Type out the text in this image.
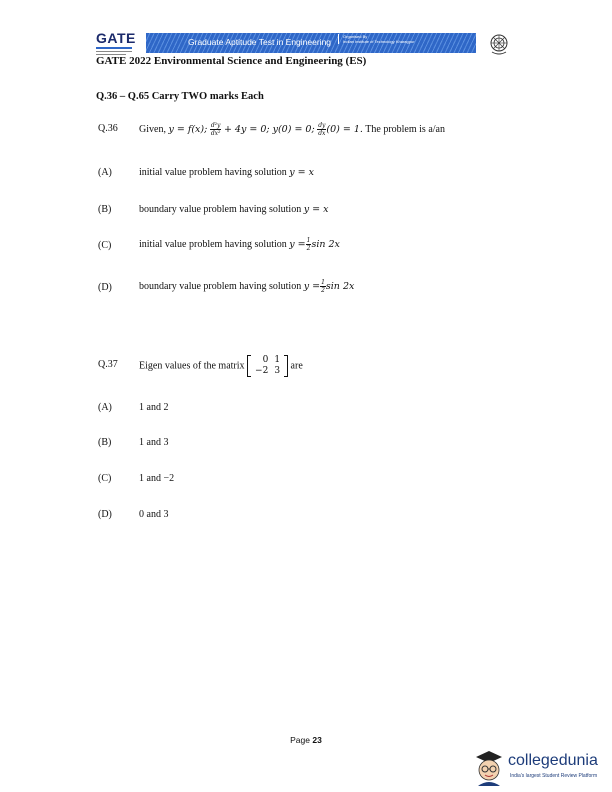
GATE	Graduate Aptitude Test in Engineering
Organised By
Indian Institute of Technology Kharagpur
GATE 2022 Environmental Science and Engineering (ES)
Q.36 – Q.65 Carry TWO marks Each
Q.36 Given, y = f(x); $\frac{\text{d²y}}{\text{dx²}} + 4y = 0$; y(0) = 0; $\frac{dy}{dx} (0) = 1$. The problem is a/an
(A)	initial value problem having solution y = x
(B)	boundary value problem having solution y = x
(C)	initial value problem having solution $y = \frac{1}{2}$ sin 2x
(D)	boundary value problem having solution $y = \frac{1}{2}$ sin 2x
Q.37 Eigen values of the matrix
0	1
−2	3 are
(A)	1 and 2
(B)	1 and 3
(C)	1 and −2
(D)	0 and 3
Page 23
collegedunia
India's largest Student Review Platform
